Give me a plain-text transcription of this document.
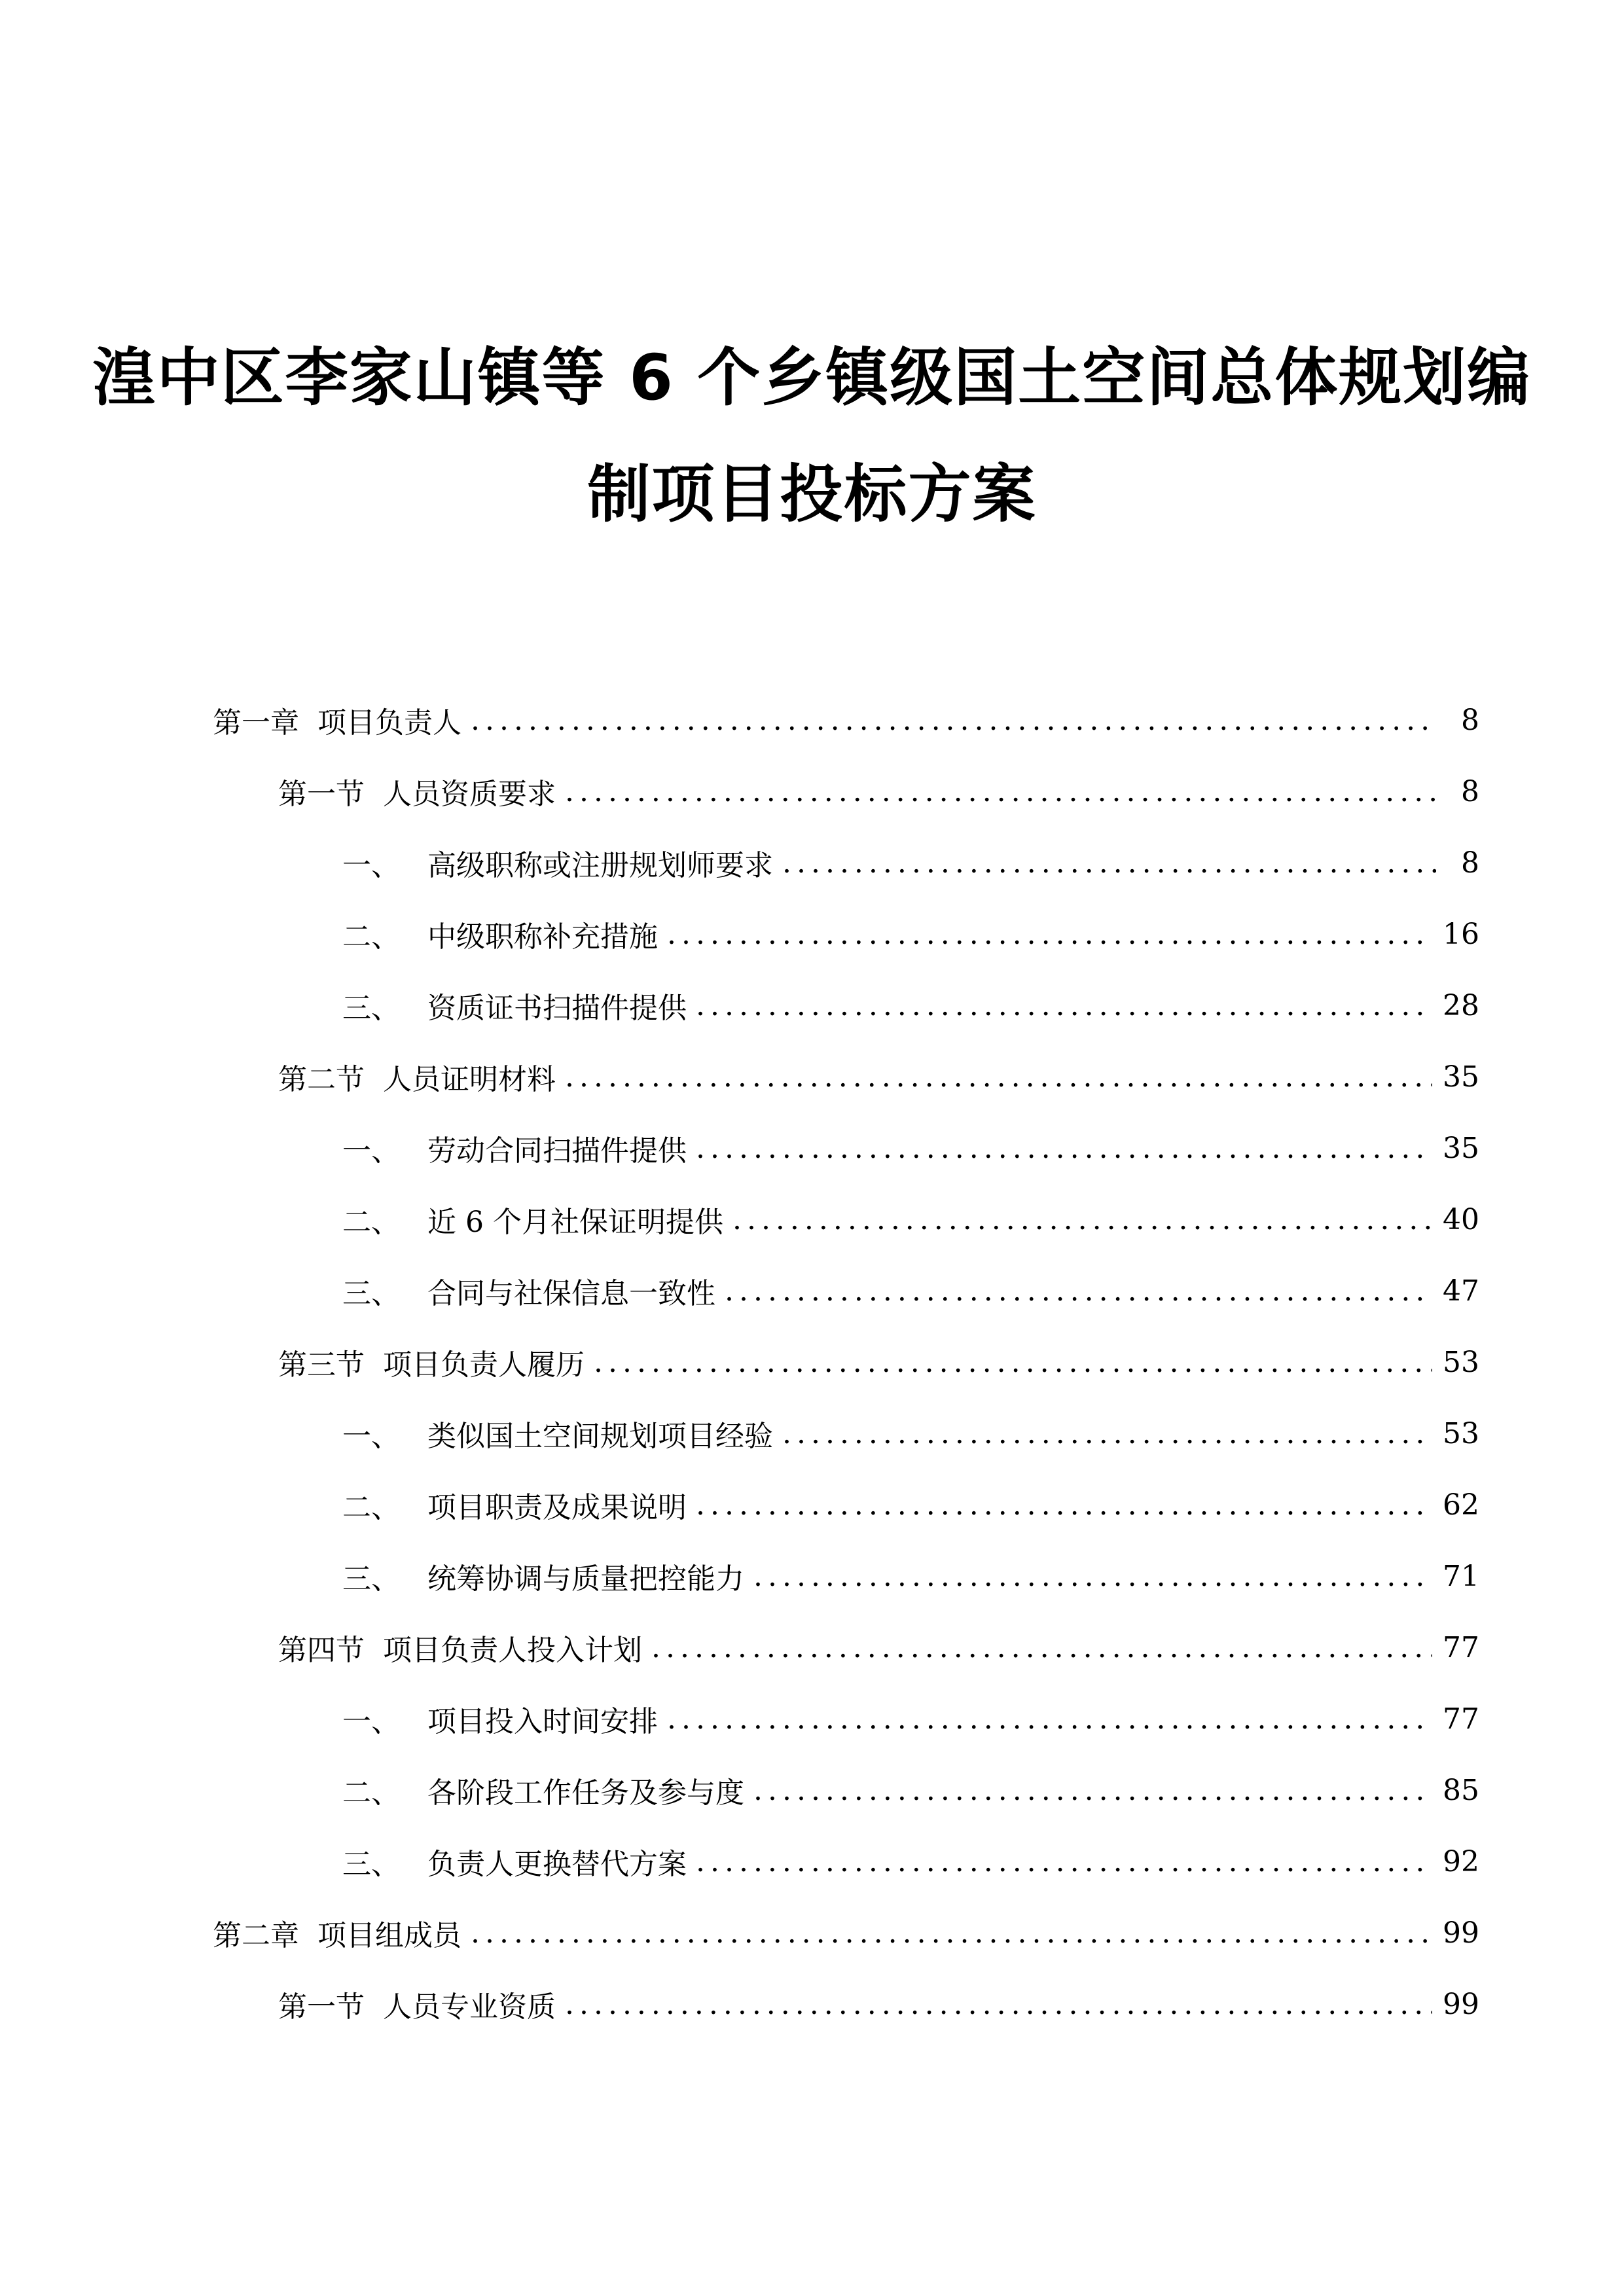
湟中区李家山镇等 6 个乡镇级国土空间总体规划编
制项目投标方案
第一章 项目负责人 .....	8
第一节 人员资质要求 .....	8
一、 高级职称或注册规划师要求 .....	8
二、 中级职称补充措施 .....	16
三、 资质证书扫描件提供 .....	28
第二节 人员证明材料 .....	35
一、 劳动合同扫描件提供 .....	35
二、 近 6 个月社保证明提供 .....	40
三、 合同与社保信息一致性 .....	47
第三节 项目负责人履历 .....	53
一、 类似国土空间规划项目经验 .....	53
二、 项目职责及成果说明 .....	62
三、 统筹协调与质量把控能力 .....	71
第四节 项目负责人投入计划 .....	77
一、 项目投入时间安排 .....	77
二、 各阶段工作任务及参与度 .....	85
三、 负责人更换替代方案 .....	92
第二章 项目组成员 .....	99
第一节 人员专业资质 .....	99
